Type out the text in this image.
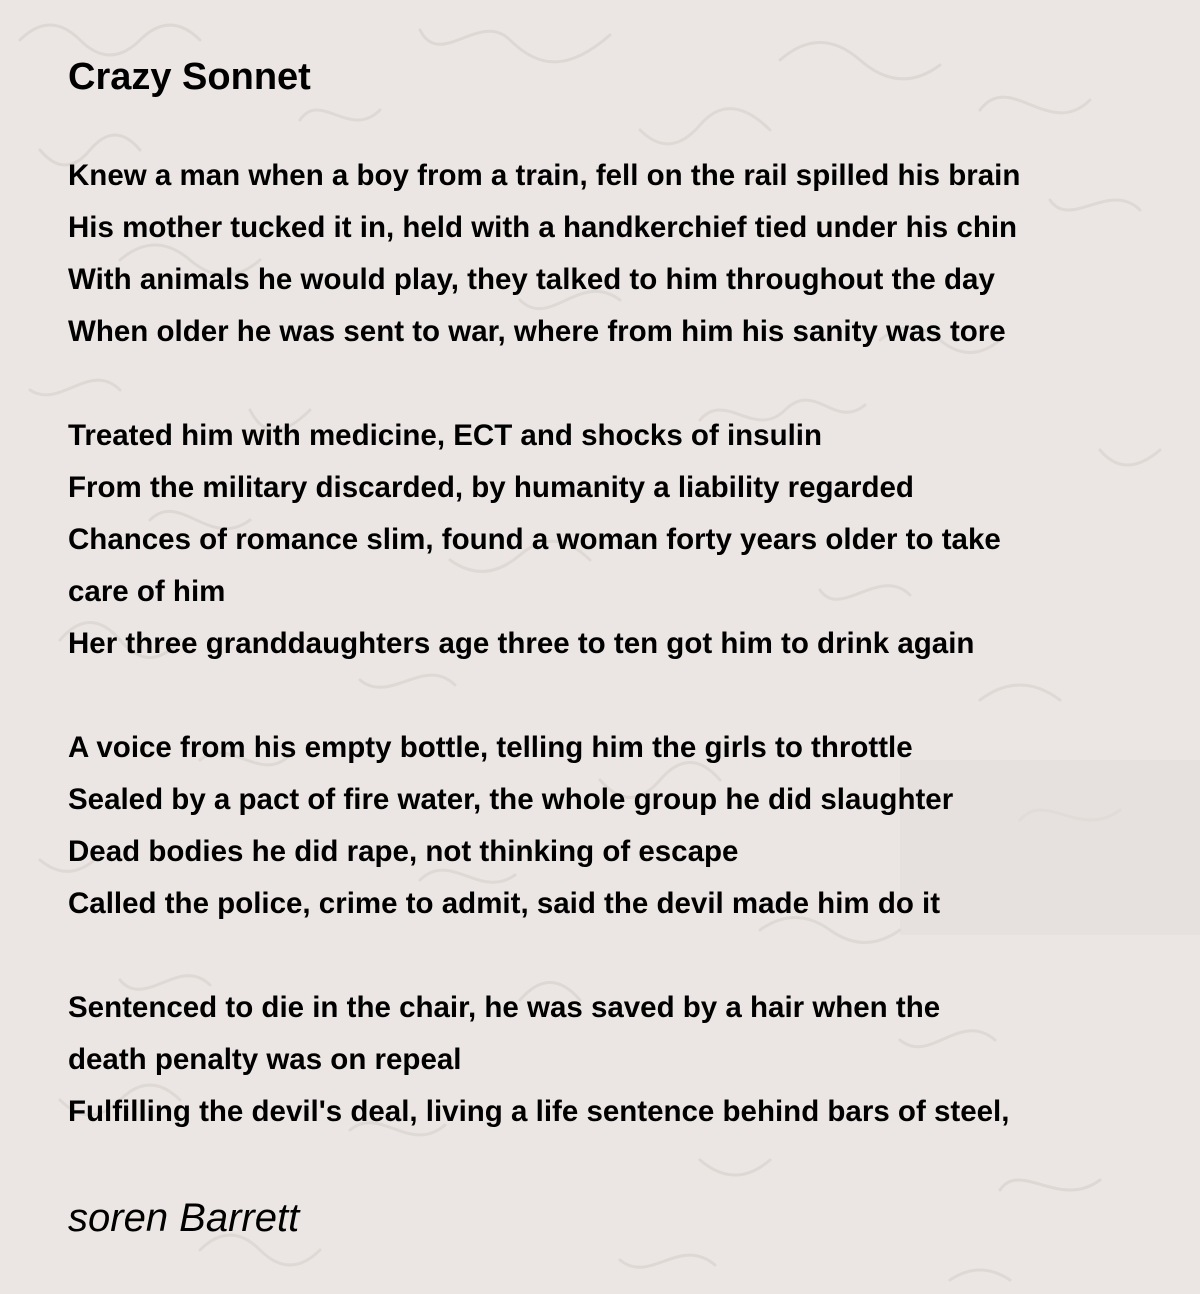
Crazy Sonnet
Knew a man when a boy from a train, fell on the rail spilled his brain
His mother tucked it in, held with a handkerchief tied under his chin
With animals he would play, they talked to him throughout the day
When older he was sent to war, where from him his sanity was tore
Treated him with medicine, ECT and shocks of insulin
From the military discarded, by humanity a liability regarded
Chances of romance slim, found a woman forty years older to take
care of him
Her three granddaughters age three to ten got him to drink again
A voice from his empty bottle, telling him the girls to throttle
Sealed by a pact of fire water, the whole group he did slaughter
Dead bodies he did rape, not thinking of escape
Called the police, crime to admit, said the devil made him do it
Sentenced to die in the chair, he was saved by a hair when the
death penalty was on repeal
Fulfilling the devil's deal, living a life sentence behind bars of steel,
soren Barrett
